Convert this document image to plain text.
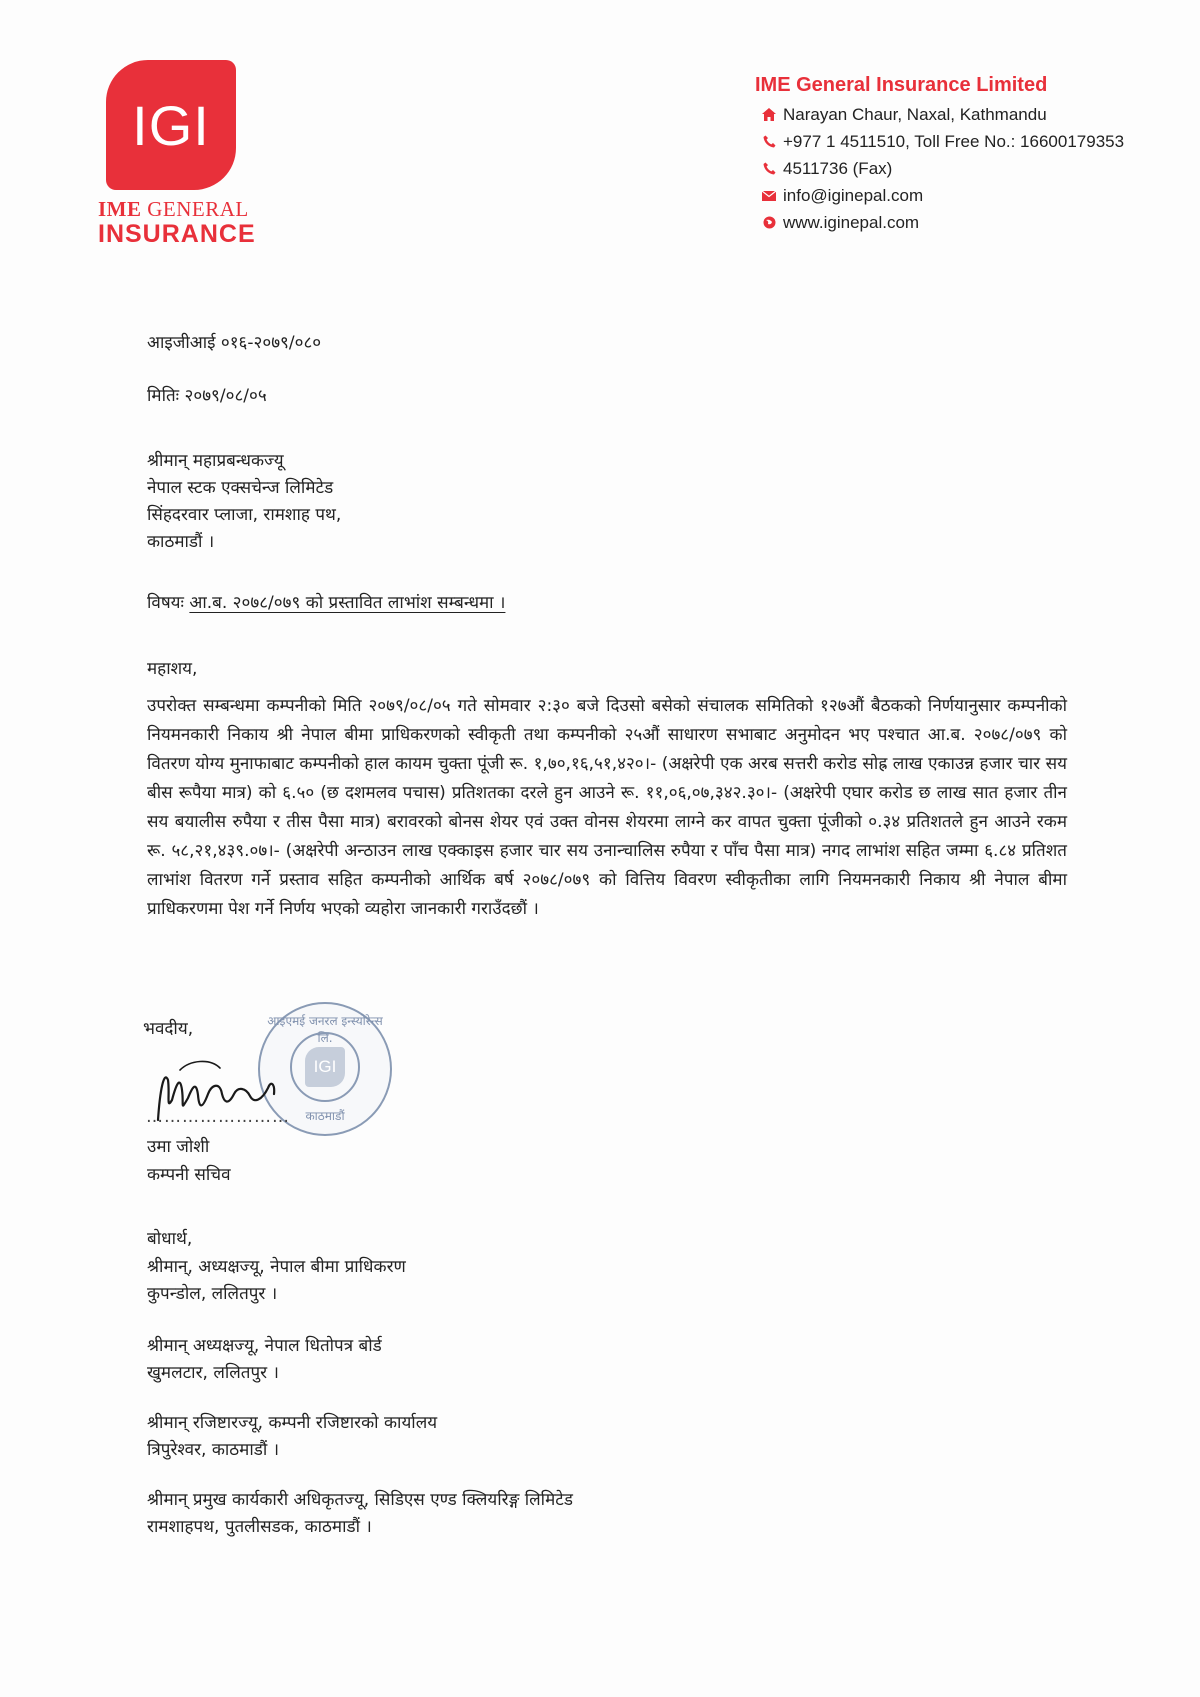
IGI
IME GENERAL
INSURANCE
IME General Insurance Limited
Narayan Chaur, Naxal, Kathmandu
+977 1 4511510, Toll Free No.: 16600179353
4511736 (Fax)
info@iginepal.com
www.iginepal.com
आइजीआई ०१६-२०७९/०८०
मितिः २०७९/०८/०५
श्रीमान् महाप्रबन्धकज्यू
नेपाल स्टक एक्सचेन्ज लिमिटेड
सिंहदरवार प्लाजा, रामशाह पथ,
काठमाडौं ।
विषयः आ.ब. २०७८/०७९ को प्रस्तावित लाभांश सम्बन्धमा ।
महाशय,
उपरोक्त सम्बन्धमा कम्पनीको मिति २०७९/०८/०५ गते सोमवार २:३० बजे दिउसो बसेको संचालक समितिको १२७औं बैठकको निर्णयानुसार कम्पनीको नियमनकारी निकाय श्री नेपाल बीमा प्राधिकरणको स्वीकृती तथा कम्पनीको २५औं साधारण सभाबाट अनुमोदन भए पश्चात आ.ब. २०७८/०७९ को वितरण योग्य मुनाफाबाट कम्पनीको हाल कायम चुक्ता पूंजी रू. १,७०,१६,५१,४२०।- (अक्षरेपी एक अरब सत्तरी करोड सोह्र लाख एकाउन्न हजार चार सय बीस रूपैया मात्र) को ६.५० (छ दशमलव पचास) प्रतिशतका दरले हुन आउने रू. ११,०६,०७,३४२.३०।- (अक्षरेपी एघार करोड छ लाख सात हजार तीन सय बयालीस रुपैया र तीस पैसा मात्र) बरावरको बोनस शेयर एवं उक्त वोनस शेयरमा लाग्ने कर वापत चुक्ता पूंजीको ०.३४ प्रतिशतले हुन आउने रकम रू. ५८,२१,४३९.०७।- (अक्षरेपी अन्ठाउन लाख एक्काइस हजार चार सय उनान्चालिस रुपैया र पाँच पैसा मात्र) नगद लाभांश सहित जम्मा ६.८४ प्रतिशत लाभांश वितरण गर्ने प्रस्ताव सहित कम्पनीको आर्थिक बर्ष २०७८/०७९ को वित्तिय विवरण स्वीकृतीका लागि नियमनकारी निकाय श्री नेपाल बीमा प्राधिकरणमा पेश गर्ने निर्णय भएको व्यहोरा जानकारी गराउँदछौं ।
भवदीय,	आइएमई जनरल इन्स्योरेन्स लि.
IGI
काठमाडौं
……………………
उमा जोशी
कम्पनी सचिव
बोधार्थ,
श्रीमान्, अध्यक्षज्यू, नेपाल बीमा प्राधिकरण
कुपन्डोल, ललितपुर ।
श्रीमान् अध्यक्षज्यू, नेपाल धितोपत्र बोर्ड
खुमलटार, ललितपुर ।
श्रीमान् रजिष्टारज्यू, कम्पनी रजिष्टारको कार्यालय
त्रिपुरेश्वर, काठमाडौं ।
श्रीमान् प्रमुख कार्यकारी अधिकृतज्यू, सिडिएस एण्ड क्लियरिङ्ग लिमिटेड
रामशाहपथ, पुतलीसडक, काठमाडौं ।
